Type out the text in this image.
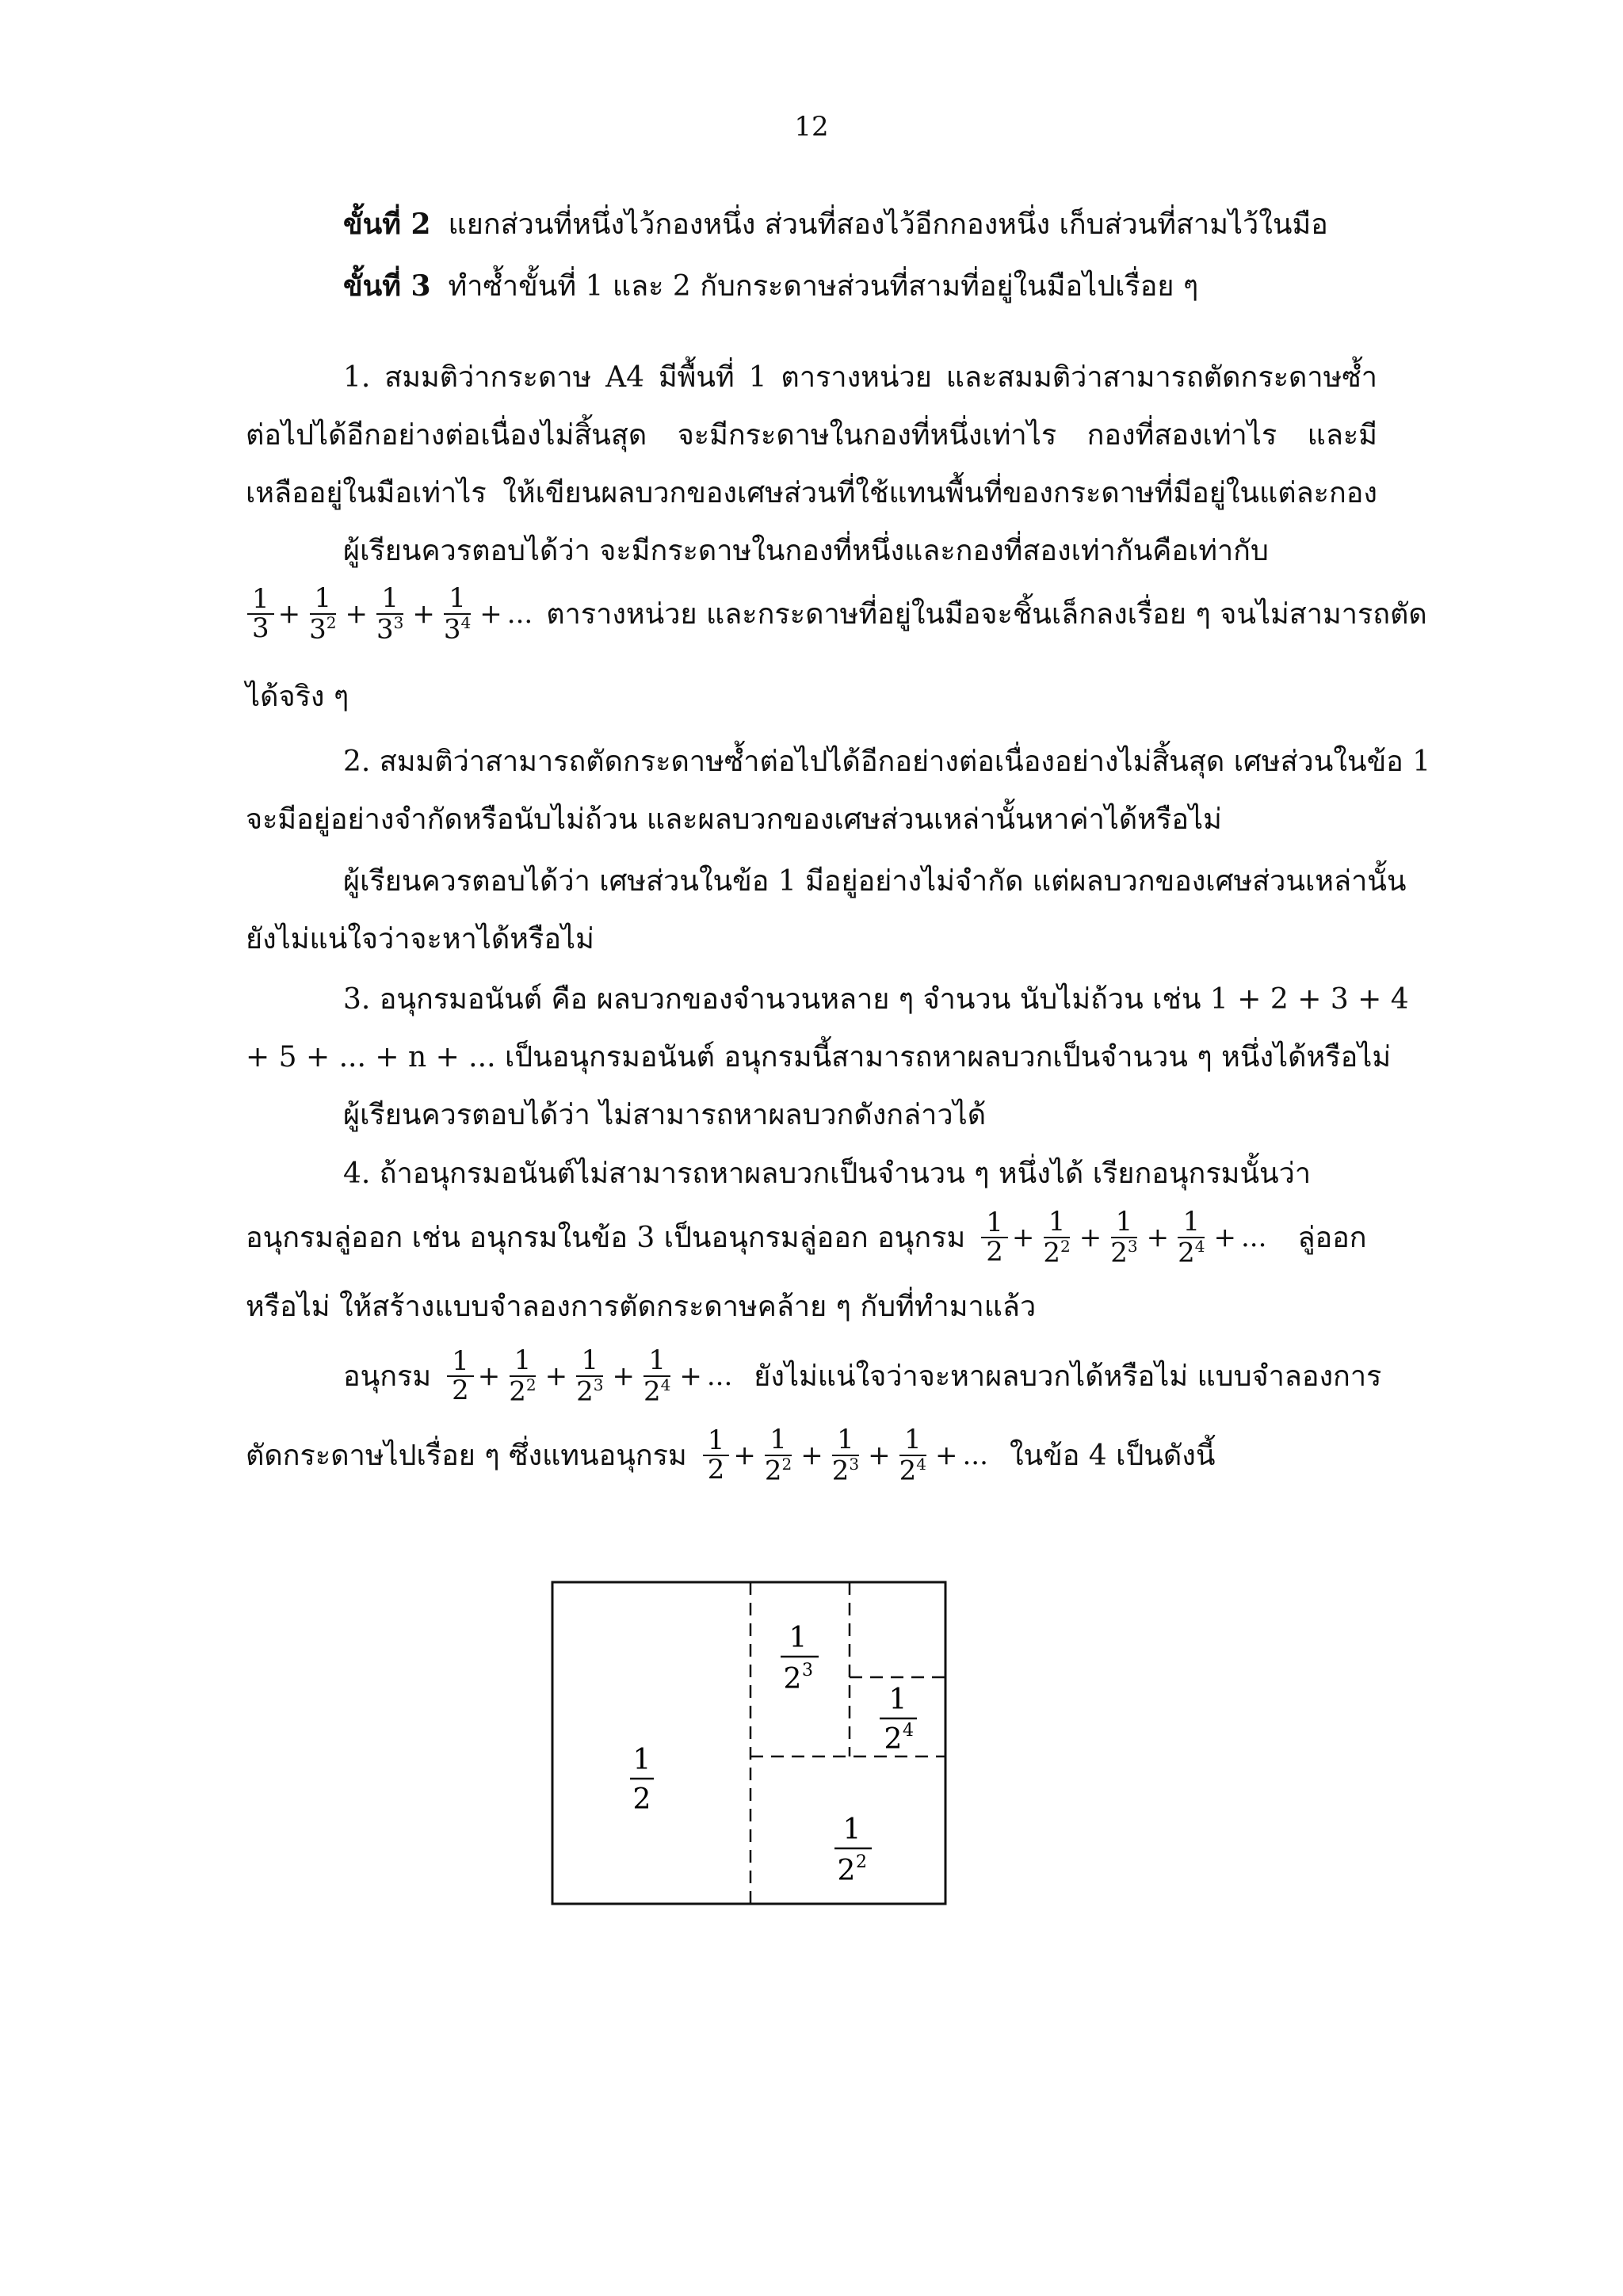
12
ขั้นที่ 2 แยกส่วนที่หนึ่งไว้กองหนึ่ง ส่วนที่สองไว้อีกกองหนึ่ง เก็บส่วนที่สามไว้ในมือ
ขั้นที่ 3 ทำซ้ำขั้นที่ 1 และ 2 กับกระดาษส่วนที่สามที่อยู่ในมือไปเรื่อย ๆ
1. สมมติว่ากระดาษ A4 มีพื้นที่ 1 ตารางหน่วย และสมมติว่าสามารถตัดกระดาษซ้ำ
ต่อไปได้อีกอย่างต่อเนื่องไม่สิ้นสุด จะมีกระดาษในกองที่หนึ่งเท่าไร กองที่สองเท่าไร และมี
เหลืออยู่ในมือเท่าไร ให้เขียนผลบวกของเศษส่วนที่ใช้แทนพื้นที่ของกระดาษที่มีอยู่ในแต่ละกอง
ผู้เรียนควรตอบได้ว่า จะมีกระดาษในกองที่หนึ่งและกองที่สองเท่ากันคือเท่ากับ
$\frac{1}{3} + \frac{1}{3^2} + \frac{1}{3^3} + \frac{1}{3^4}$ + ... ตารางหน่วย และกระดาษที่อยู่ในมือจะชิ้นเล็กลงเรื่อย ๆ จนไม่สามารถตัด
ได้จริง ๆ
2. สมมติว่าสามารถตัดกระดาษซ้ำต่อไปได้อีกอย่างต่อเนื่องอย่างไม่สิ้นสุด เศษส่วนในข้อ 1
จะมีอยู่อย่างจำกัดหรือนับไม่ถ้วน และผลบวกของเศษส่วนเหล่านั้นหาค่าได้หรือไม่
ผู้เรียนควรตอบได้ว่า เศษส่วนในข้อ 1 มีอยู่อย่างไม่จำกัด แต่ผลบวกของเศษส่วนเหล่านั้น
ยังไม่แน่ใจว่าจะหาได้หรือไม่
3. อนุกรมอนันต์ คือ ผลบวกของจำนวนหลาย ๆ จำนวน นับไม่ถ้วน เช่น 1 + 2 + 3 + 4
+ 5 + ... + n + ... เป็นอนุกรมอนันต์ อนุกรมนี้สามารถหาผลบวกเป็นจำนวน ๆ หนึ่งได้หรือไม่
ผู้เรียนควรตอบได้ว่า ไม่สามารถหาผลบวกดังกล่าวได้
4. ถ้าอนุกรมอนันต์ไม่สามารถหาผลบวกเป็นจำนวน ๆ หนึ่งได้ เรียกอนุกรมนั้นว่า
อนุกรมลู่ออก เช่น อนุกรมในข้อ 3 เป็นอนุกรมลู่ออก อนุกรม $\frac{1}{2} + \frac{1}{2^2} + \frac{1}{2^3} + \frac{1}{2^4}$ + ... ลู่ออก
หรือไม่ ให้สร้างแบบจำลองการตัดกระดาษคล้าย ๆ กับที่ทำมาแล้ว
อนุกรม $\frac{1}{2} + \frac{1}{2^2} + \frac{1}{2^3} + \frac{1}{2^4}$ + ... ยังไม่แน่ใจว่าจะหาผลบวกได้หรือไม่ แบบจำลองการ
ตัดกระดาษไปเรื่อย ๆ ซึ่งแทนอนุกรม $\frac{1}{2} + \frac{1}{2^2} + \frac{1}{2^3} + \frac{1}{2^4}$ + ... ในข้อ 4 เป็นดังนี้
1
2
1
2 2
1
2 3
1
2 4
